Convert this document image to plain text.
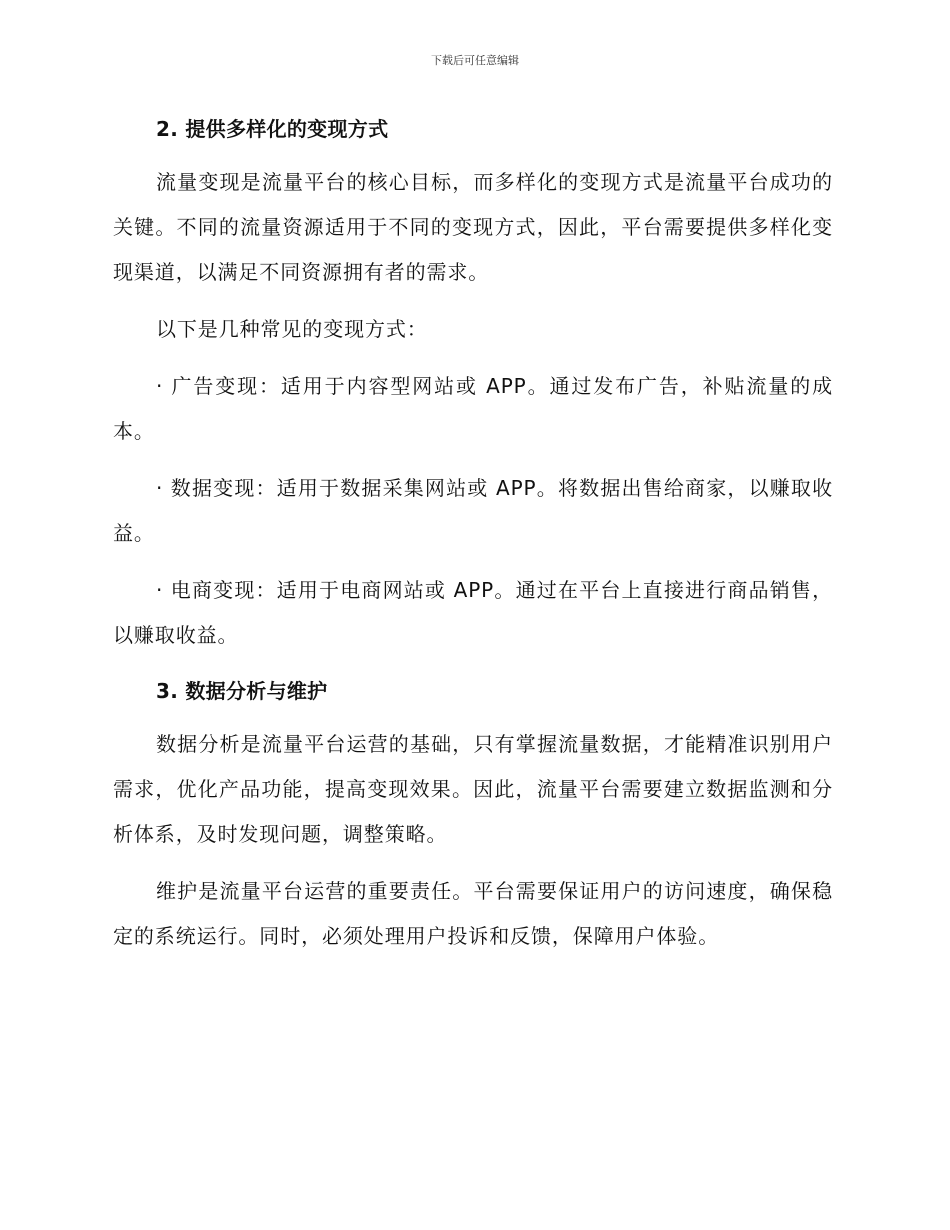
下载后可任意编辑
2. 提供多样化的变现方式

流量变现是流量平台的核心目标，而多样化的变现方式是流量平台成功的关键。不同的流量资源适用于不同的变现方式，因此，平台需要提供多样化变现渠道，以满足不同资源拥有者的需求。

以下是几种常见的变现方式：

· 广告变现：适用于内容型网站或 APP。通过发布广告，补贴流量的成本。

· 数据变现：适用于数据采集网站或 APP。将数据出售给商家，以赚取收益。

· 电商变现：适用于电商网站或 APP。通过在平台上直接进行商品销售，以赚取收益。

3. 数据分析与维护

数据分析是流量平台运营的基础，只有掌握流量数据，才能精准识别用户需求，优化产品功能，提高变现效果。因此，流量平台需要建立数据监测和分析体系，及时发现问题，调整策略。

维护是流量平台运营的重要责任。平台需要保证用户的访问速度，确保稳定的系统运行。同时，必须处理用户投诉和反馈，保障用户体验。
